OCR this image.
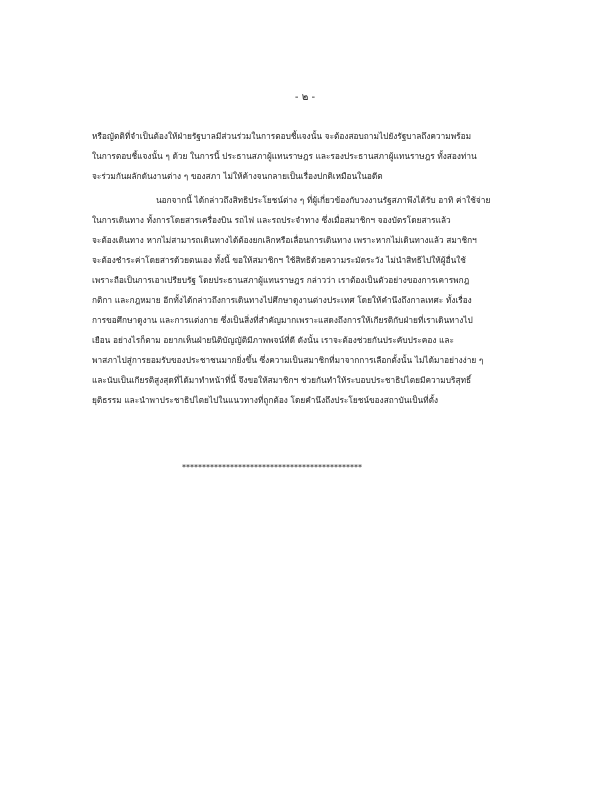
- ๒ -
หรือญัตติที่จำเป็นต้องให้ฝ่ายรัฐบาลมีส่วนร่วมในการตอบชี้แจงนั้น จะต้องสอบถามไปยังรัฐบาลถึงความพร้อม
ในการตอบชี้แจงนั้น ๆ ด้วย ในการนี้ ประธานสภาผู้แทนราษฎร และรองประธานสภาผู้แทนราษฎร ทั้งสองท่าน
จะร่วมกันผลักดันงานต่าง ๆ ของสภา ไม่ให้ค้างจนกลายเป็นเรื่องปกติเหมือนในอดีต
นอกจากนี้ ได้กล่าวถึงสิทธิประโยชน์ต่าง ๆ ที่ผู้เกี่ยวข้องกับวงงานรัฐสภาพึงได้รับ อาทิ ค่าใช้จ่าย
ในการเดินทาง ทั้งการโดยสารเครื่องบิน รถไฟ และรถประจำทาง ซึ่งเมื่อสมาชิกฯ จองบัตรโดยสารแล้ว
จะต้องเดินทาง หากไม่สามารถเดินทางได้ต้องยกเลิกหรือเลื่อนการเดินทาง เพราะหากไม่เดินทางแล้ว สมาชิกฯ
จะต้องชำระค่าโดยสารด้วยตนเอง ทั้งนี้ ขอให้สมาชิกฯ ใช้สิทธิด้วยความระมัดระวัง ไม่นำสิทธิไปให้ผู้อื่นใช้
เพราะถือเป็นการเอาเปรียบรัฐ โดยประธานสภาผู้แทนราษฎร กล่าวว่า เราต้องเป็นตัวอย่างของการเคารพกฎ
กติกา และกฎหมาย อีกทั้งได้กล่าวถึงการเดินทางไปศึกษาดูงานต่างประเทศ โดยให้คำนึงถึงกาลเทศะ ทั้งเรื่อง
การขอศึกษาดูงาน และการแต่งกาย ซึ่งเป็นสิ่งที่สำคัญมากเพราะแสดงถึงการให้เกียรติกับฝ่ายที่เราเดินทางไป
เยือน อย่างไรก็ตาม อยากเห็นฝ่ายนิติบัญญัติมีภาพพจน์ที่ดี ดังนั้น เราจะต้องช่วยกันประคับประคอง และ
พาสภาไปสู่การยอมรับของประชาชนมากยิ่งขึ้น ซึ่งความเป็นสมาชิกที่มาจากการเลือกตั้งนั้น ไม่ได้มาอย่างง่าย ๆ
และนับเป็นเกียรติสูงสุดที่ได้มาทำหน้าที่นี้ จึงขอให้สมาชิกฯ ช่วยกันทำให้ระบอบประชาธิปไตยมีความบริสุทธิ์
ยุติธรรม และนำพาประชาธิปไตยไปในแนวทางที่ถูกต้อง โดยคำนึงถึงประโยชน์ของสถาบันเป็นที่ตั้ง
*********************************************
